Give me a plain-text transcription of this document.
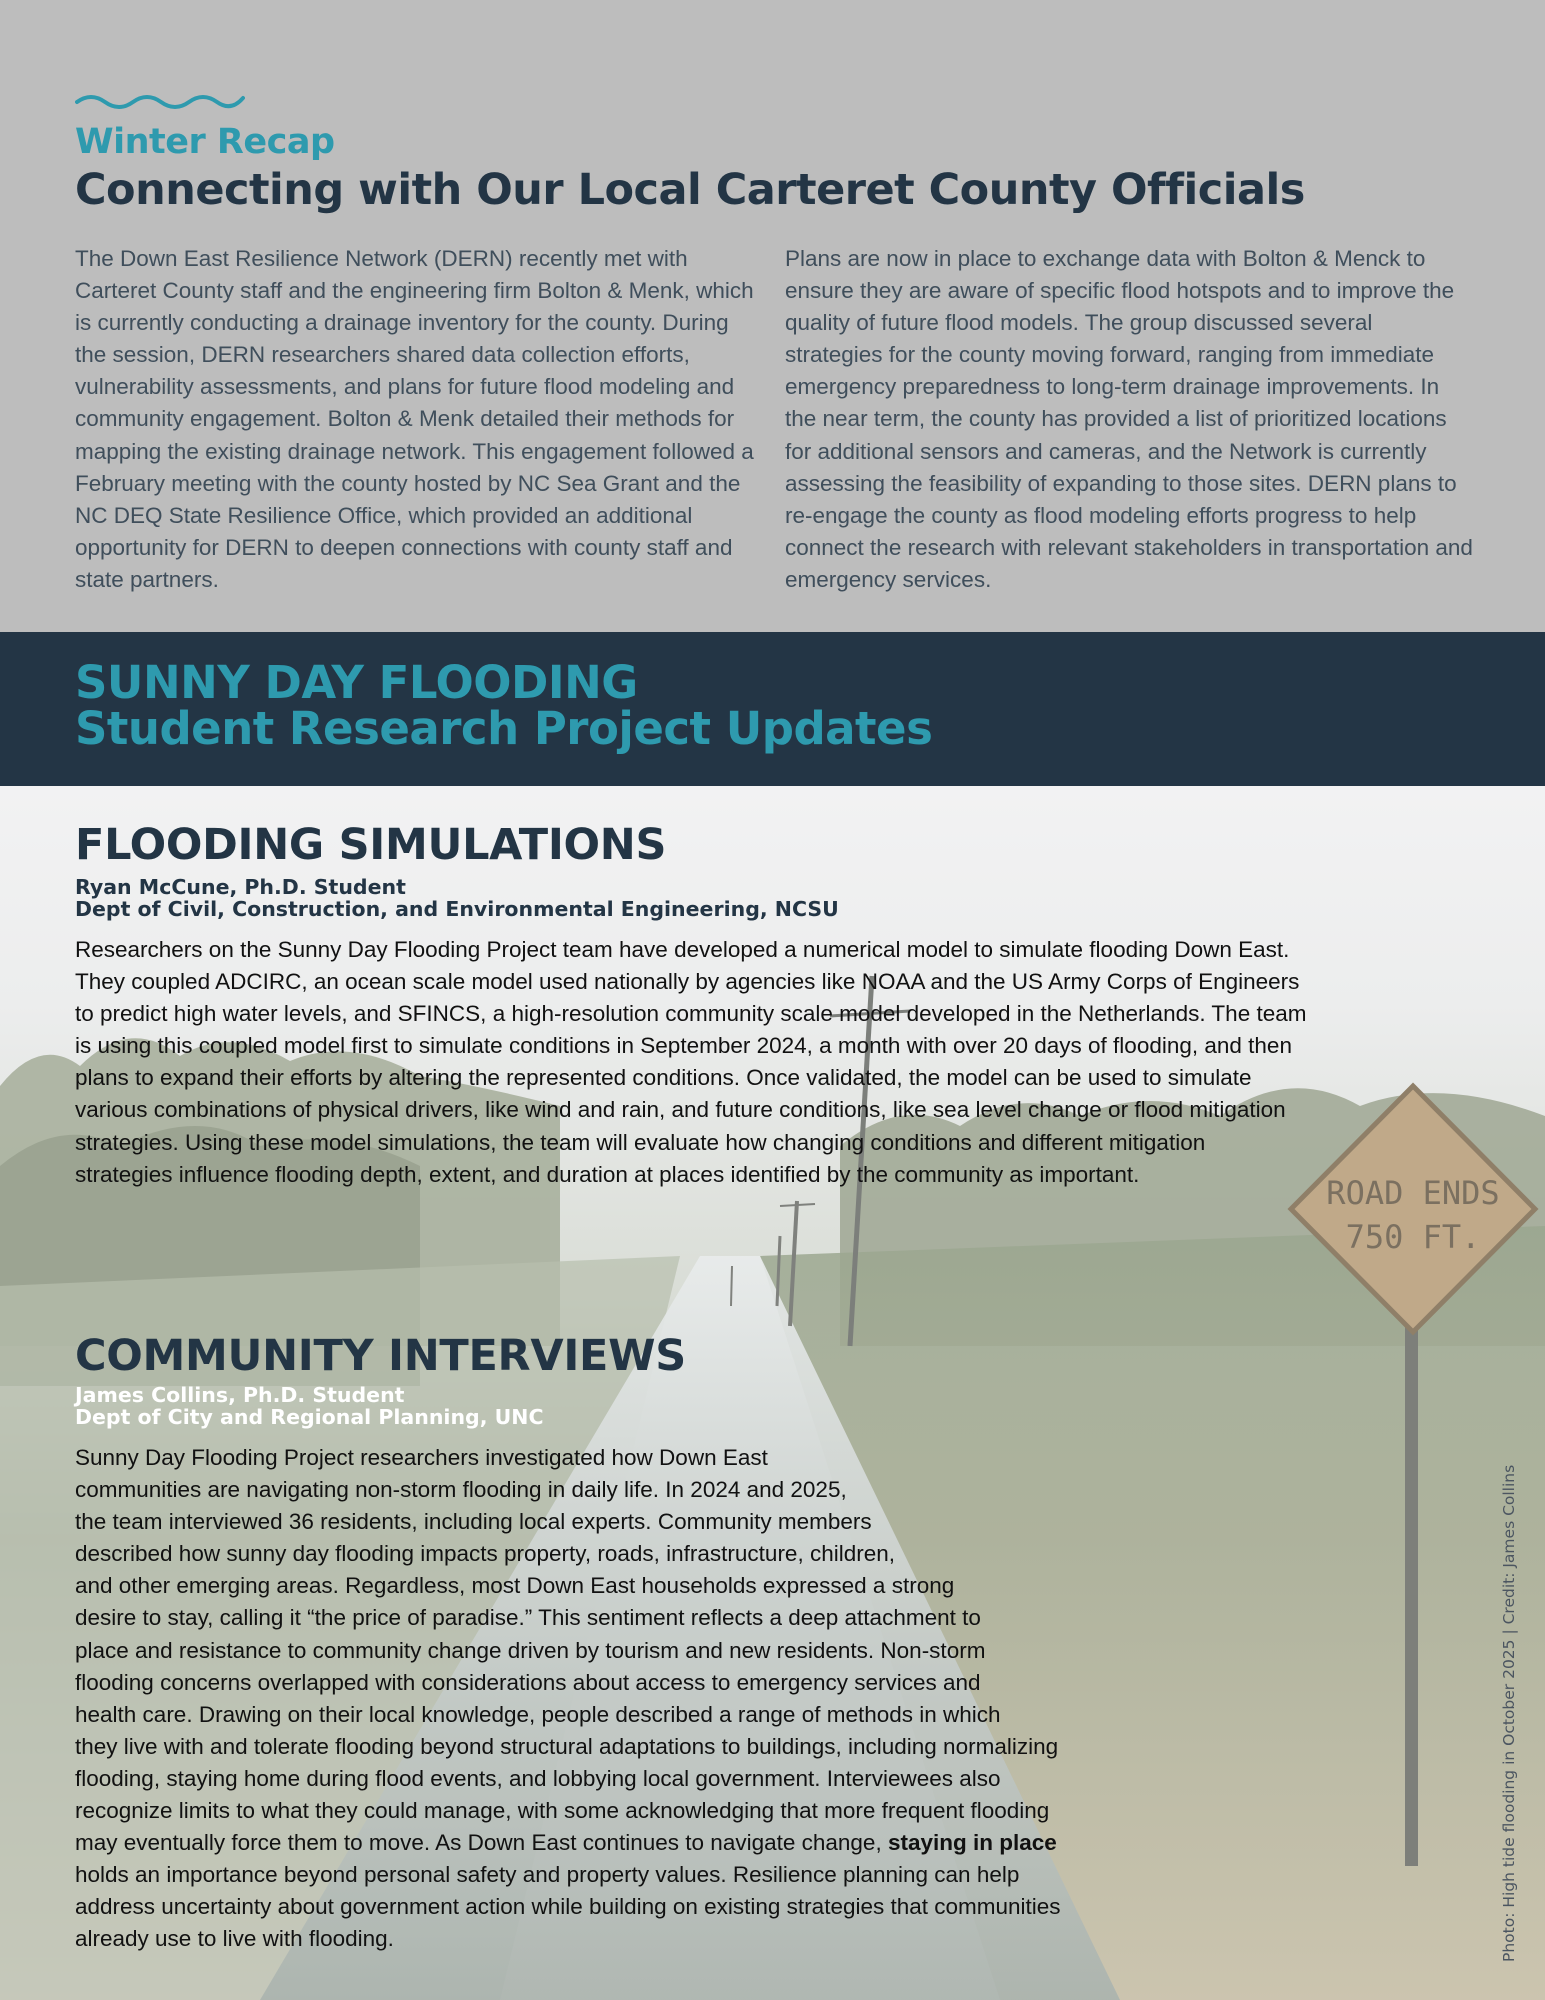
Winter Recap
Connecting with Our Local Carteret County Officials

The Down East Resilience Network (DERN) recently met with Carteret County staff and the engineering firm Bolton & Menk, which is currently conducting a drainage inventory for the county. During the session, DERN researchers shared data collection efforts, vulnerability assessments, and plans for future flood modeling and community engagement. Bolton & Menk detailed their methods for mapping the existing drainage network. This engagement followed a February meeting with the county hosted by NC Sea Grant and the NC DEQ State Resilience Office, which provided an additional opportunity for DERN to deepen connections with county staff and state partners.

Plans are now in place to exchange data with Bolton & Menck to ensure they are aware of specific flood hotspots and to improve the quality of future flood models. The group discussed several strategies for the county moving forward, ranging from immediate emergency preparedness to long-term drainage improvements. In the near term, the county has provided a list of prioritized locations for additional sensors and cameras, and the Network is currently assessing the feasibility of expanding to those sites. DERN plans to re-engage the county as flood modeling efforts progress to help connect the research with relevant stakeholders in transportation and emergency services.

SUNNY DAY FLOODING
Student Research Project Updates
ROAD ENDS
750 FT.
FLOODING SIMULATIONS

Ryan McCune, Ph.D. Student

Dept of Civil, Construction, and Environmental Engineering, NCSU

Researchers on the Sunny Day Flooding Project team have developed a numerical model to simulate flooding Down East.
They coupled ADCIRC, an ocean scale model used nationally by agencies like NOAA and the US Army Corps of Engineers
to predict high water levels, and SFINCS, a high-resolution community scale model developed in the Netherlands. The team
is using this coupled model first to simulate conditions in September 2024, a month with over 20 days of flooding, and then
plans to expand their efforts by altering the represented conditions. Once validated, the model can be used to simulate
various combinations of physical drivers, like wind and rain, and future conditions, like sea level change or flood mitigation
strategies. Using these model simulations, the team will evaluate how changing conditions and different mitigation
strategies influence flooding depth, extent, and duration at places identified by the community as important.

COMMUNITY INTERVIEWS

James Collins, Ph.D. Student

Dept of City and Regional Planning, UNC

Sunny Day Flooding Project researchers investigated how Down East
communities are navigating non-storm flooding in daily life. In 2024 and 2025,
the team interviewed 36 residents, including local experts. Community members
described how sunny day flooding impacts property, roads, infrastructure, children,
and other emerging areas. Regardless, most Down East households expressed a strong
desire to stay, calling it “the price of paradise.” This sentiment reflects a deep attachment to
place and resistance to community change driven by tourism and new residents. Non-storm
flooding concerns overlapped with considerations about access to emergency services and
health care. Drawing on their local knowledge, people described a range of methods in which
they live with and tolerate flooding beyond structural adaptations to buildings, including normalizing
flooding, staying home during flood events, and lobbying local government. Interviewees also
recognize limits to what they could manage, with some acknowledging that more frequent flooding
may eventually force them to move. As Down East continues to navigate change, staying in place
holds an importance beyond personal safety and property values. Resilience planning can help
address uncertainty about government action while building on existing strategies that communities
already use to live with flooding.	Photo: High tide flooding in October 2025 | Credit: James Collins
